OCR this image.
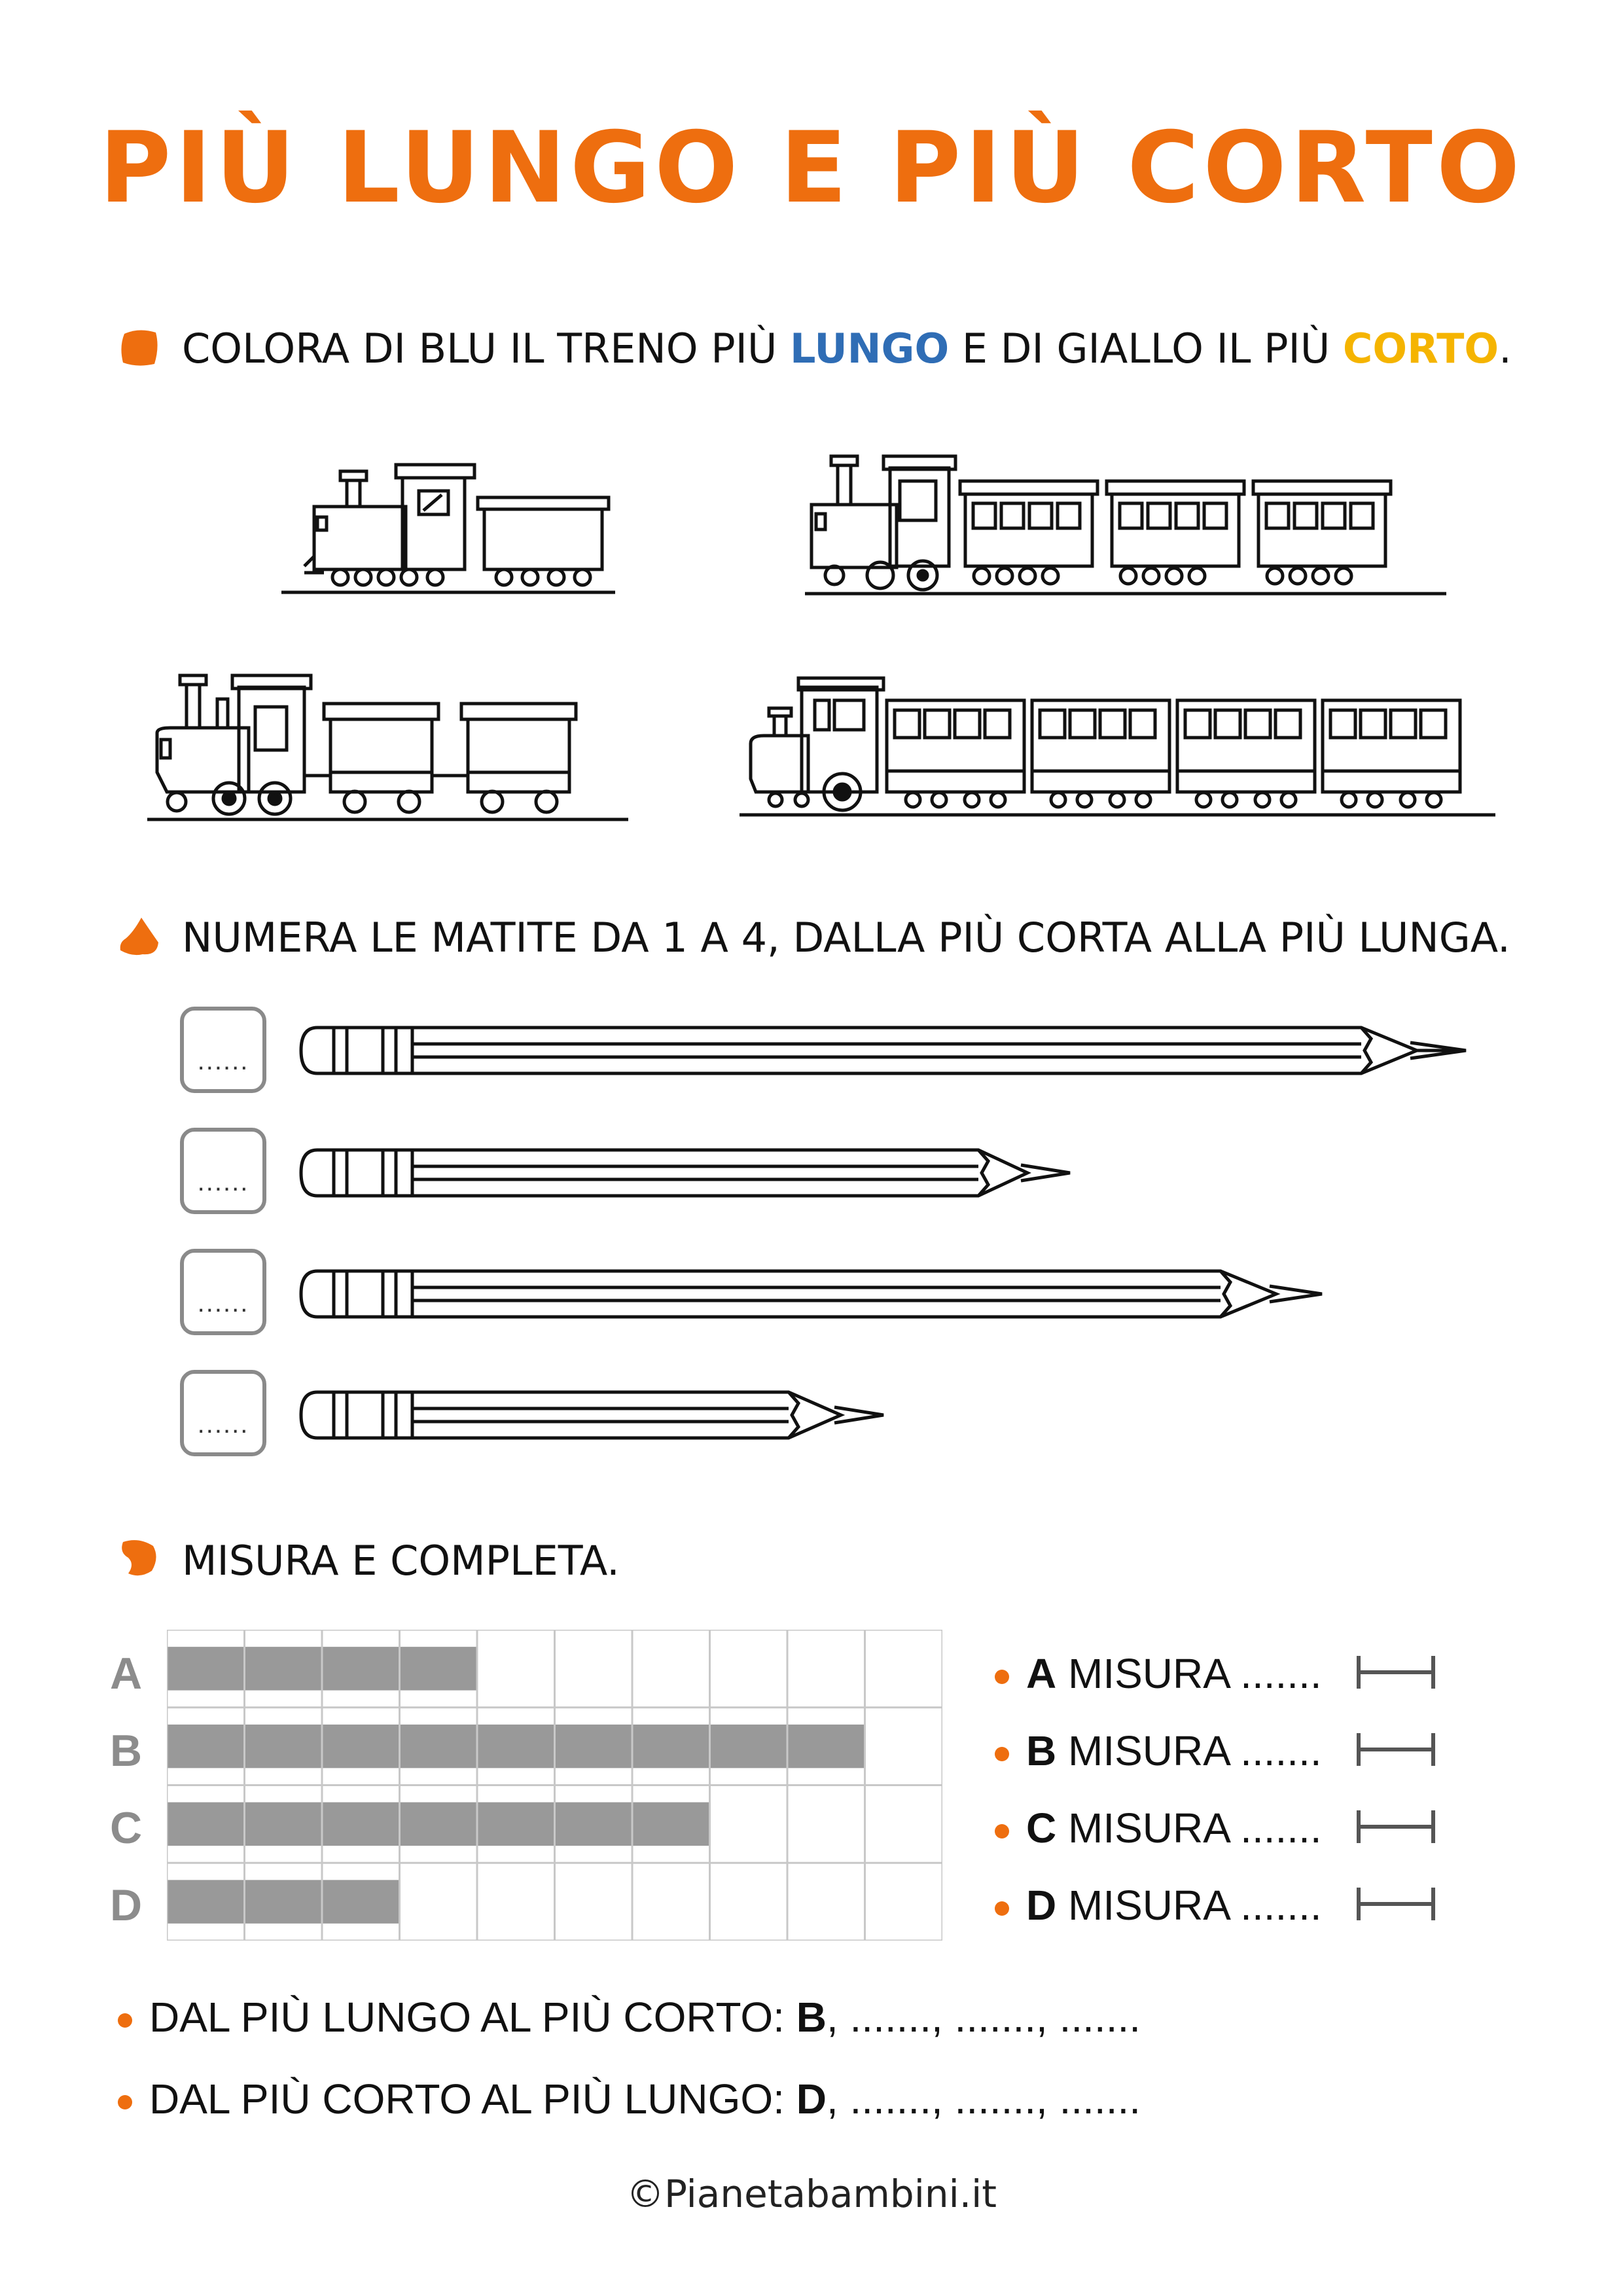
PIÙ LUNGO E PIÙ CORTO
COLORA DI BLU IL TRENO PIÙ LUNGO E DI GIALLO IL PIÙ CORTO.
NUMERA LE MATITE DA 1 A 4, DALLA PIÙ CORTA ALLA PIÙ LUNGA.
......
......
......
......
MISURA E COMPLETA.
A
B
C
D
A MISURA .......
B MISURA .......
C MISURA .......
D MISURA .......
DAL PIÙ LUNGO AL PIÙ CORTO: B, ......., ......., .......
DAL PIÙ CORTO AL PIÙ LUNGO: D, ......., ......., .......
©Pianetabambini.it
